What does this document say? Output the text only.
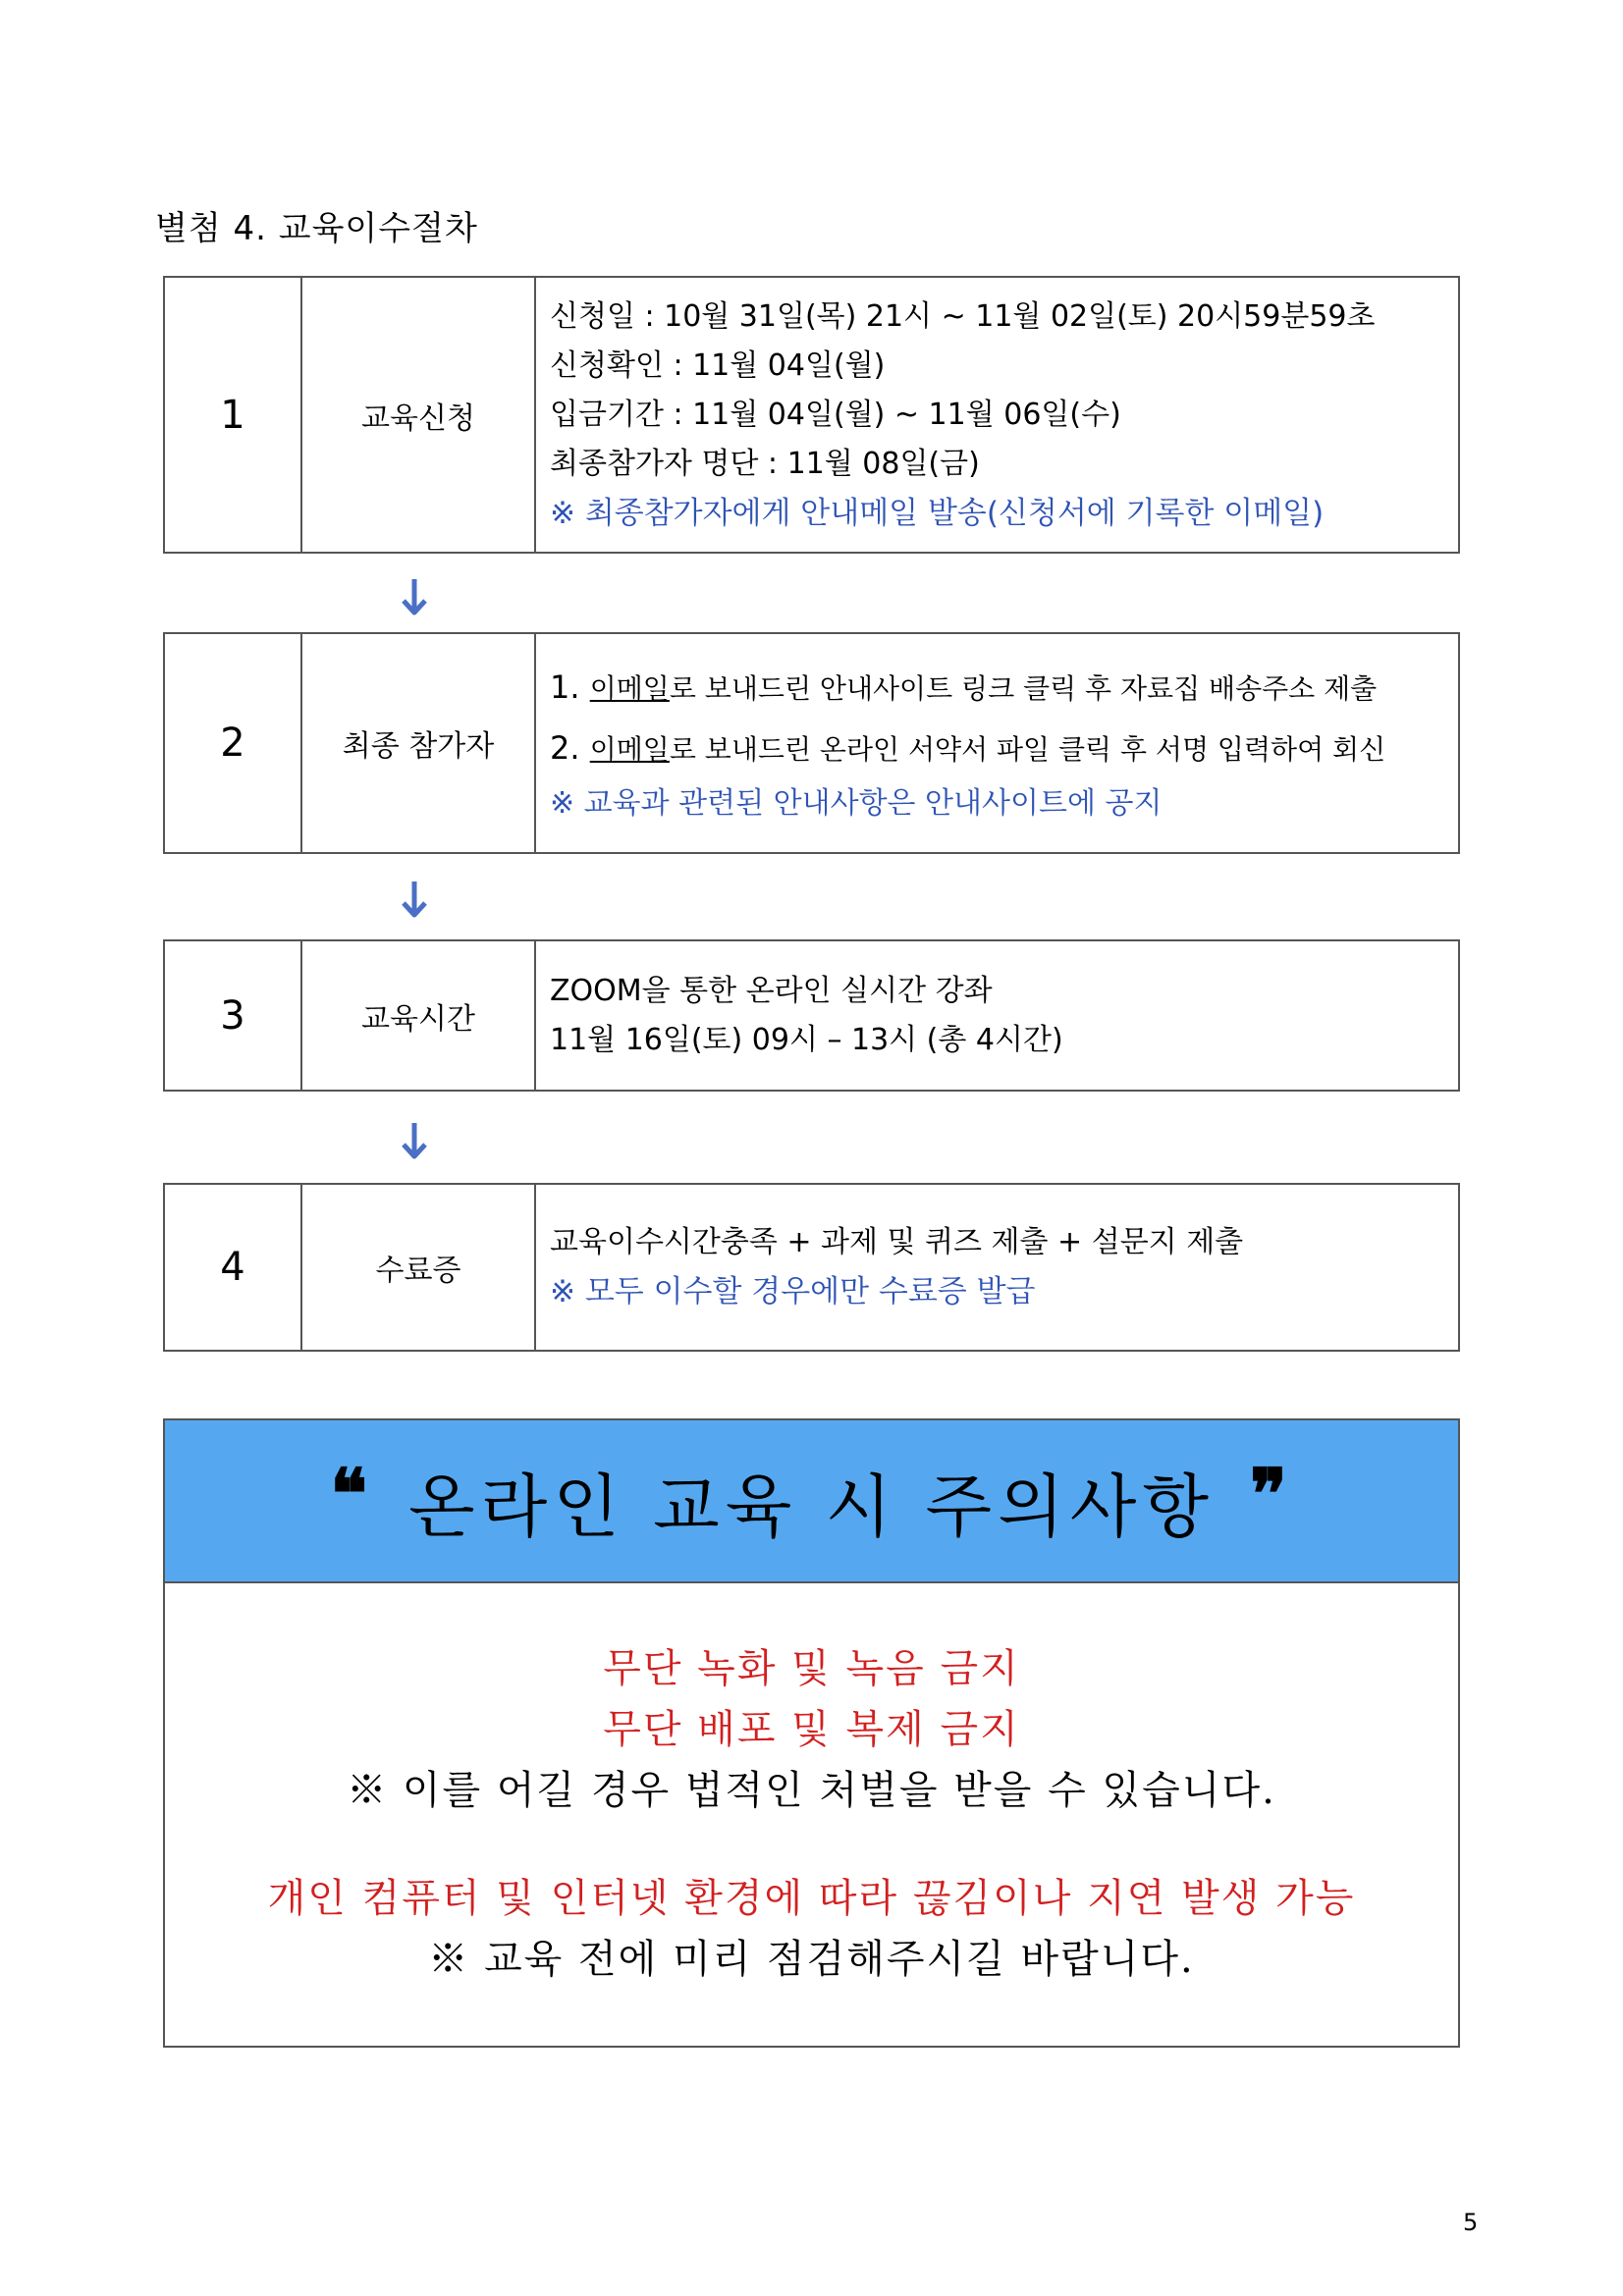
별첨 4. 교육이수절차
1	교육신청	
신청일 : 10월 31일(목) 21시 ~ 11월 02일(토) 20시59분59초
신청확인 : 11월 04일(월)
입금기간 : 11월 04일(월) ~ 11월 06일(수)
최종참가자 명단 : 11월 08일(금)
※ 최종참가자에게 안내메일 발송(신청서에 기록한 이메일)
2	최종 참가자	
1. 이메일로 보내드린 안내사이트 링크 클릭 후 자료집 배송주소 제출
2. 이메일로 보내드린 온라인 서약서 파일 클릭 후 서명 입력하여 회신
※ 교육과 관련된 안내사항은 안내사이트에 공지
3	교육시간	
ZOOM을 통한 온라인 실시간 강좌
11월 16일(토) 09시 – 13시 (총 4시간)
4	수료증	
교육이수시간충족 + 과제 및 퀴즈 제출 + 설문지 제출
※ 모두 이수할 경우에만 수료증 발급
❝ 온라인 교육 시 주의사항 ❞
무단 녹화 및 녹음 금지
무단 배포 및 복제 금지
※ 이를 어길 경우 법적인 처벌을 받을 수 있습니다.
개인 컴퓨터 및 인터넷 환경에 따라 끊김이나 지연 발생 가능
※ 교육 전에 미리 점검해주시길 바랍니다.
5
